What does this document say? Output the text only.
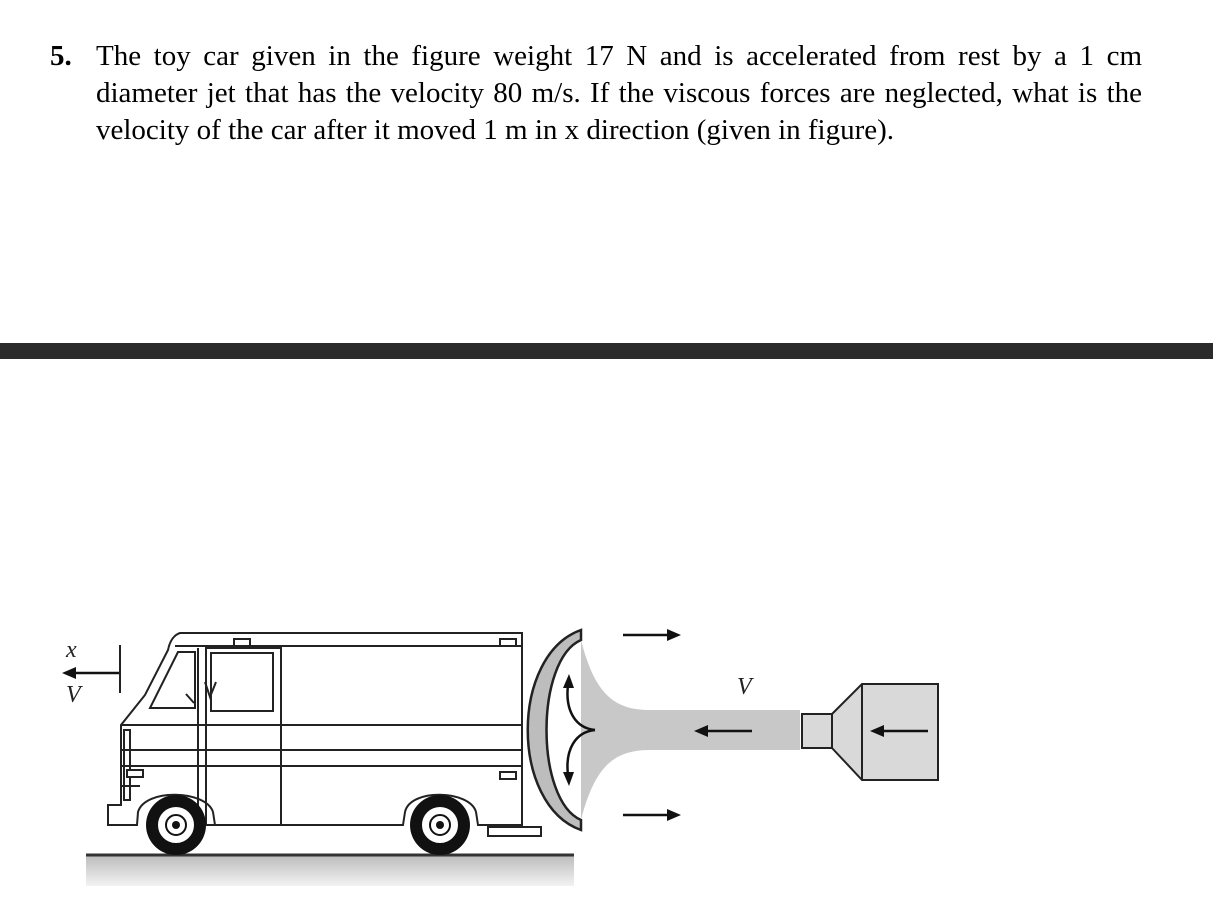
5. The toy car given in the figure weight 17 N and is accelerated from rest by a 1 cm diameter jet that has the velocity 80 m/s. If the viscous forces are neglected, what is the velocity of the car after it moved 1 m in x direction (given in figure).
x
V	V
